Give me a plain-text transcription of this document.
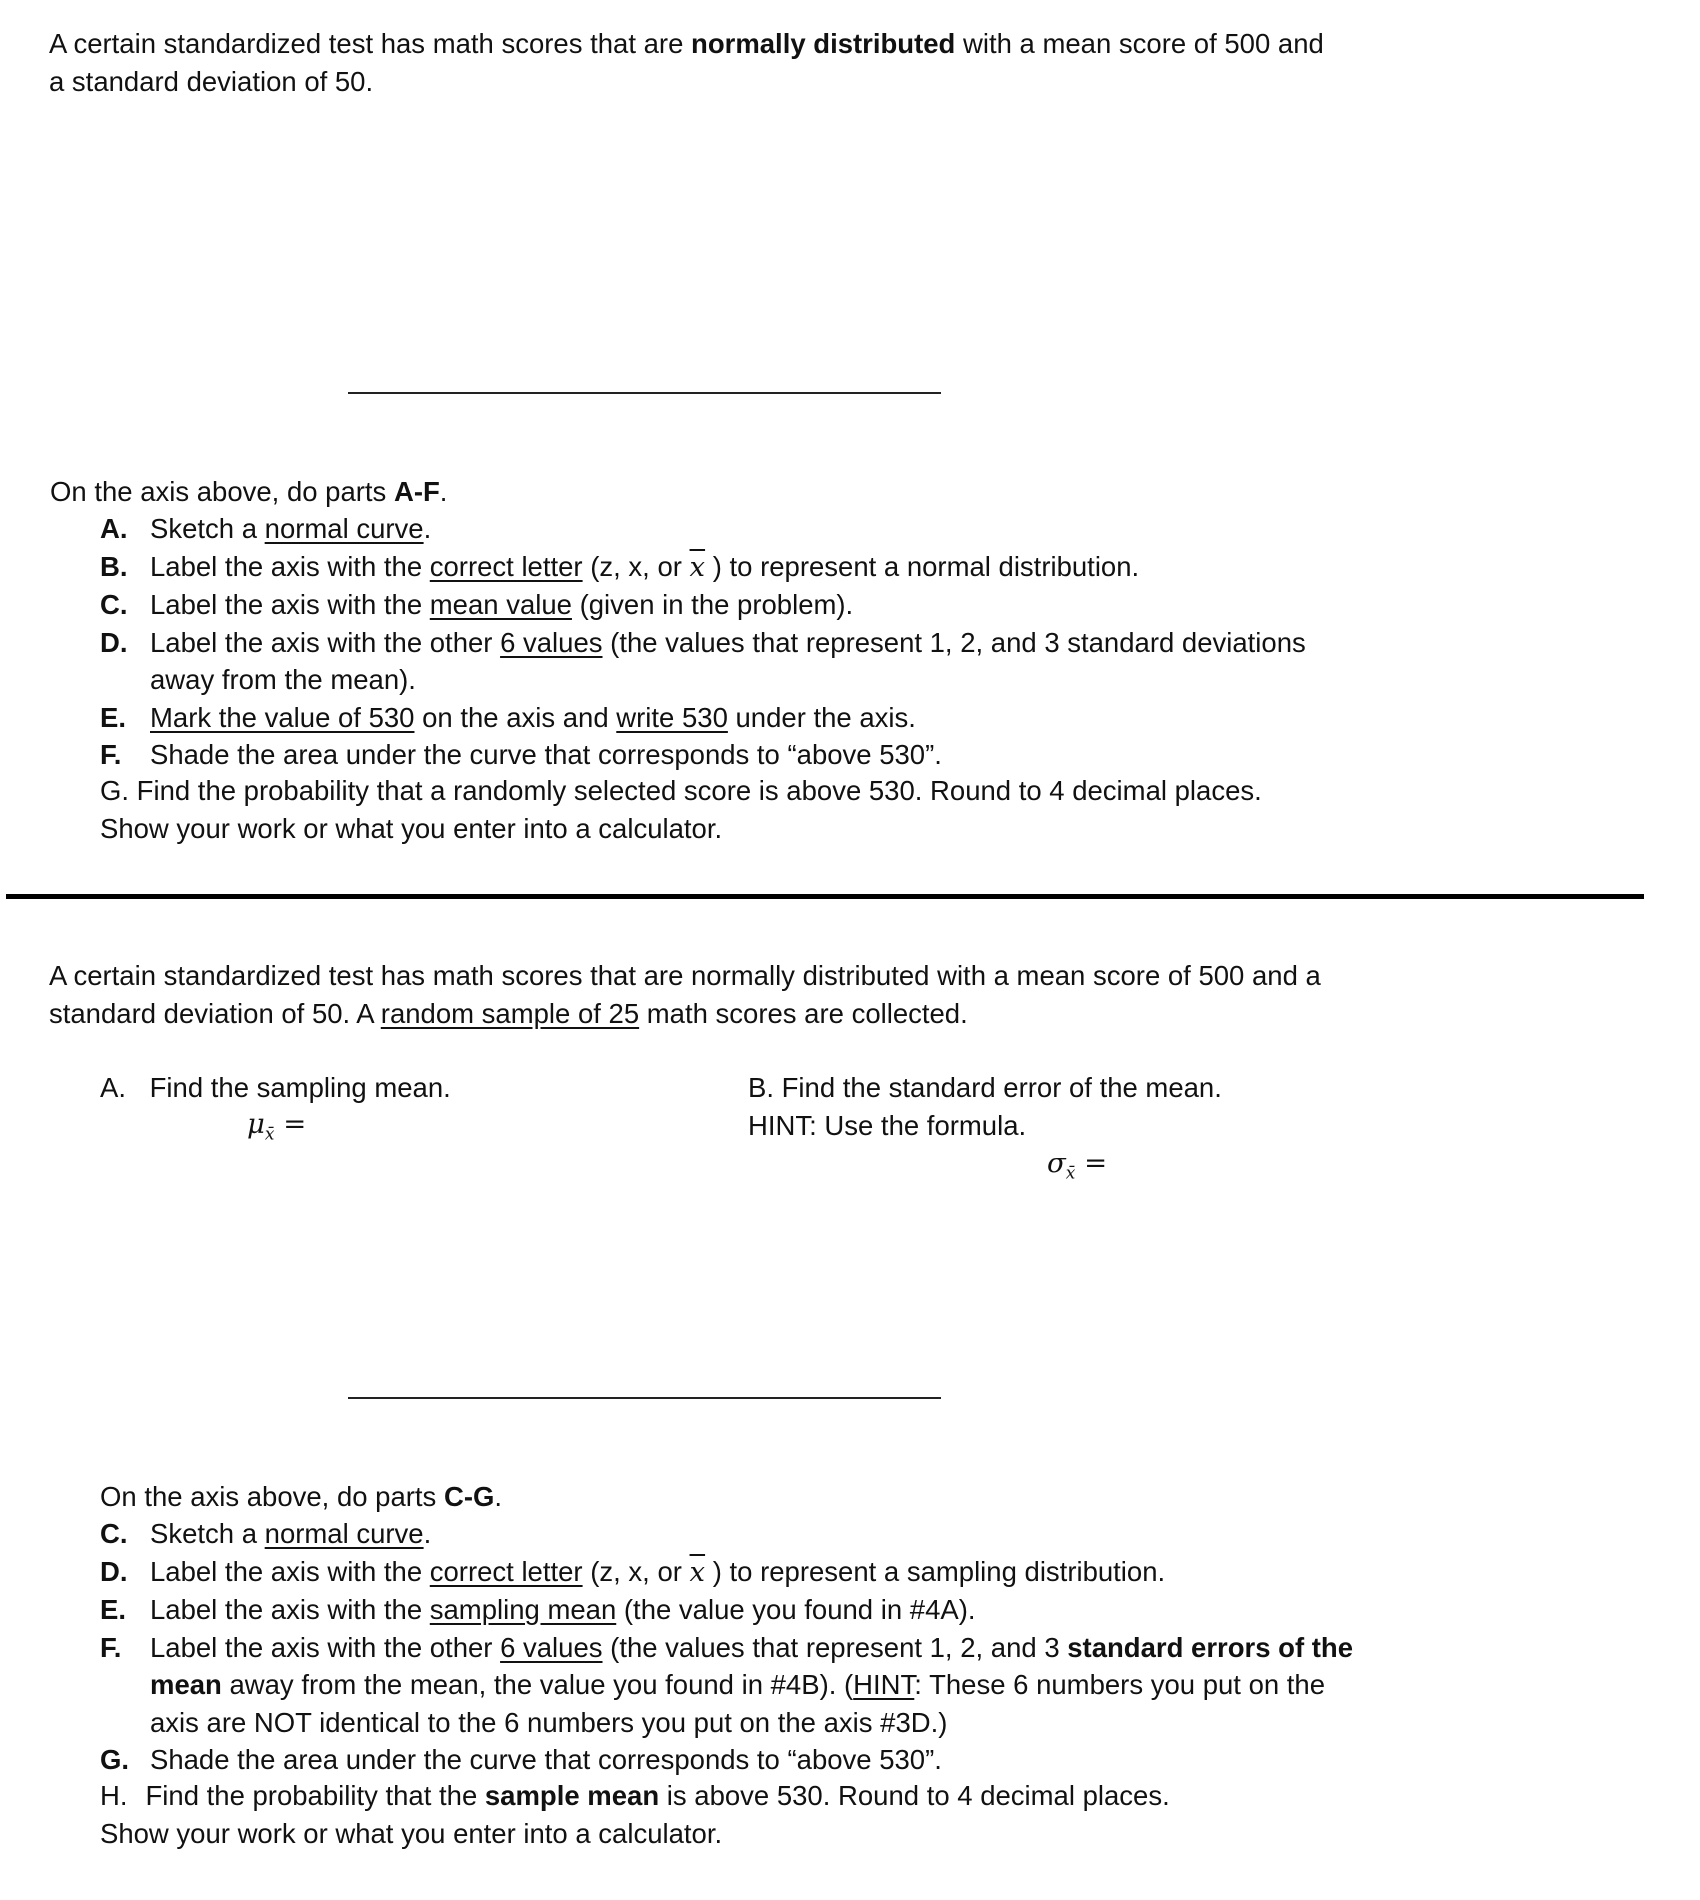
A certain standardized test has math scores that are normally distributed with a mean score of 500 and
a standard deviation of 50.
On the axis above, do parts A-F.
A. Sketch a normal curve.
B. Label the axis with the correct letter (z, x, or $\overline{x}$ ) to represent a normal distribution.
C. Label the axis with the mean value (given in the problem).
D. Label the axis with the other 6 values (the values that represent 1, 2, and 3 standard deviations
away from the mean).
E. Mark the value of 530 on the axis and write 530 under the axis.
F. Shade the area under the curve that corresponds to “above 530”.
G. Find the probability that a randomly selected score is above 530. Round to 4 decimal places.
Show your work or what you enter into a calculator.
A certain standardized test has math scores that are normally distributed with a mean score of 500 and a
standard deviation of 50. A random sample of 25 math scores are collected.
A. Find the sampling mean.
$\mu_{x̄}$ =
B. Find the standard error of the mean.
HINT: Use the formula.
$\sigma_{x̄}$ =
On the axis above, do parts C-G.
C. Sketch a normal curve.
D. Label the axis with the correct letter (z, x, or $\overline{x}$ ) to represent a sampling distribution.
E. Label the axis with the sampling mean (the value you found in #4A).
F. Label the axis with the other 6 values (the values that represent 1, 2, and 3 standard errors of the
mean away from the mean, the value you found in #4B). (HINT: These 6 numbers you put on the
axis are NOT identical to the 6 numbers you put on the axis #3D.)
G. Shade the area under the curve that corresponds to “above 530”.
H. Find the probability that the sample mean is above 530. Round to 4 decimal places.
Show your work or what you enter into a calculator.
